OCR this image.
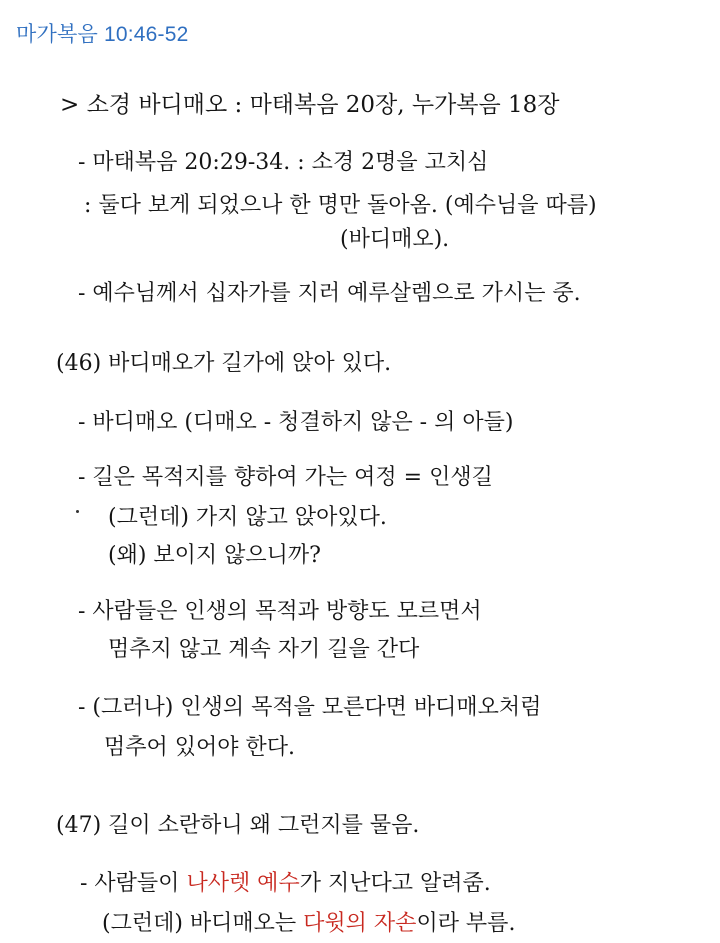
마가복음 10:46-52
> 소경 바디매오 : 마태복음 20장, 누가복음 18장
- 마태복음 20:29-34. : 소경 2명을 고치심
: 둘다 보게 되었으나 한 명만 돌아옴. (예수님을 따름)
(바디매오).
- 예수님께서 십자가를 지러 예루살렘으로 가시는 중.
(46) 바디매오가 길가에 앉아 있다.
- 바디매오 (디매오 - 청결하지 않은 - 의 아들)
- 길은 목적지를 향하여 가는 여정 = 인생길
(그런데) 가지 않고 앉아있다.
(왜) 보이지 않으니까?
- 사람들은 인생의 목적과 방향도 모르면서
멈추지 않고 계속 자기 길을 간다
- (그러나) 인생의 목적을 모른다면 바디매오처럼
멈추어 있어야 한다.
(47) 길이 소란하니 왜 그런지를 물음.
- 사람들이 나사렛 예수가 지난다고 알려줌.
(그런데) 바디매오는 다윗의 자손이라 부름.
